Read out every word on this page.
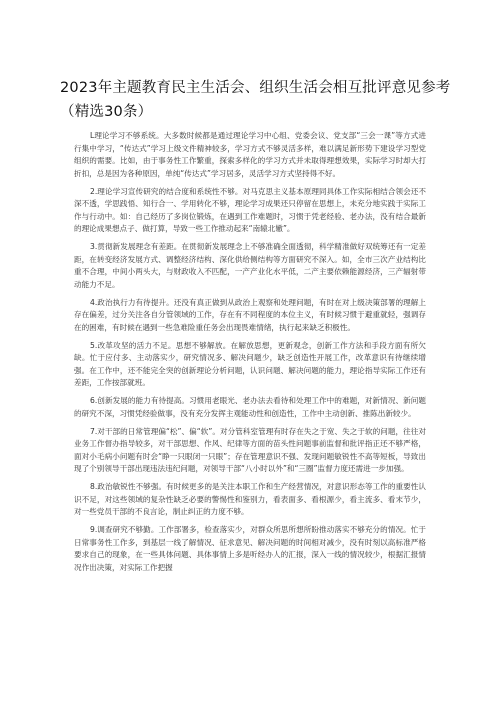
2023年主题教育民主生活会、组织生活会相互批评意见参考（精选30条）

L理论学习不够系统。大多数时候都是通过理论学习中心组、党委会议、党支部“三会一课”等方式进行集中学习，“传达式”学习上级文件精神较多，学习方式不够灵活多样，难以满足新形势下建设学习型党组织的需要。比如，由于事务性工作繁重，探索多样化的学习方式并未取得理想效果，实际学习时却大打折扣，总是因为各种原因，单纯“传达式”学习居多，灵活学习方式坚持得不好。

2.理论学习宣传研究的结合度和系统性不够。对马克思主义基本原理同具体工作实际相结合领会还不深不透，学思践悟、知行合一、学用转化不够，理论学习成果还只停留在思想上，未充分地实践于实际工作与行动中。如：自己经历了多岗位锻炼，在遇到工作难题时，习惯于凭老经验、老办法，没有结合最新的理论成果想点子、做打算，导致一些工作推动起来“南辕北辙”。

3.贯彻新发展理念有差距。在贯彻新发展理念上不够准确全面透彻，科学精准做好双统筹还有一定差距，在转变经济发展方式、调整经济结构、深化供给侧结构等方面研究不深入。如，全市三次产业结构比重不合理，中间小两头大，与财政收入不匹配，一产产业化水平低，二产主要依赖能源经济，三产辐射带动能力不足。

4.政治执行力有待提升。还没有真正做到从政治上观察和处理问题，有时在对上级决策部署的理解上存在偏差，过分关注各自分管领域的工作，存在有不同程度的本位主义，有时候习惯于避重就轻，强调存在的困难，有时候在遇到一些急难险重任务会出现畏难情绪，执行起来缺乏积极性。

5.改革攻坚的活力不足。思想不够解放。在解放思想，更新观念，创新工作方法和手段方面有所欠缺。忙于应付多、主动落实少，研究情况多、解决问题少，缺乏创造性开展工作，改革意识有待继续增强。在工作中，还不能完全突的创新理论分析问题，认识问题、解决问题的能力，理论指导实际工作还有差距，工作按部就班。

6.创新发展的能力有待提高。习惯用老眼光、老办法去看待和处理工作中的难题，对新情况、新问题的研究不深，习惯凭经验做事，没有充分发挥主观能动性和创造性，工作中主动创新、推陈出新较少。

7.对干部的日常管理偏“松”、偏“软”。对分管科室管理有时存在失之于宽、失之于软的问题，往往对业务工作督办指导较多，对干部思想、作风、纪律等方面的苗头性问题事前监督和批评指正还不够严格，面对小毛病小问题有时会“睁一只眼闭一只眼”；存在管理意识不强、发现问题敏锐性不高等短板，导致出现了个别领导干部出现违法违纪问题，对领导干部“八小时以外”和“三圈”监督力度还需进一步加强。

8.政治敏锐性不够强。有时候更多的是关注本职工作和生产经营情况，对意识形态等工作的重要性认识不足，对这些领域的复杂性缺乏必要的警惕性和鉴别力，看表面多、看根源少，看主流多、看末节少，对一些党员干部的不良言论，制止纠正的力度不够。

9.调查研究不够勤。工作部署多，检查落实少，对群众所思所想所盼推动落实不够充分的情况。忙于日常事务性工作多，到基层一线了解情况、征求意见、解决问题的时间相对减少，没有时刻以高标准严格要求自己的现象，在一些具体问题、具体事情上多是听经办人的汇报，深入一线的情况较少，根据汇报情况作出决策，对实际工作把握
